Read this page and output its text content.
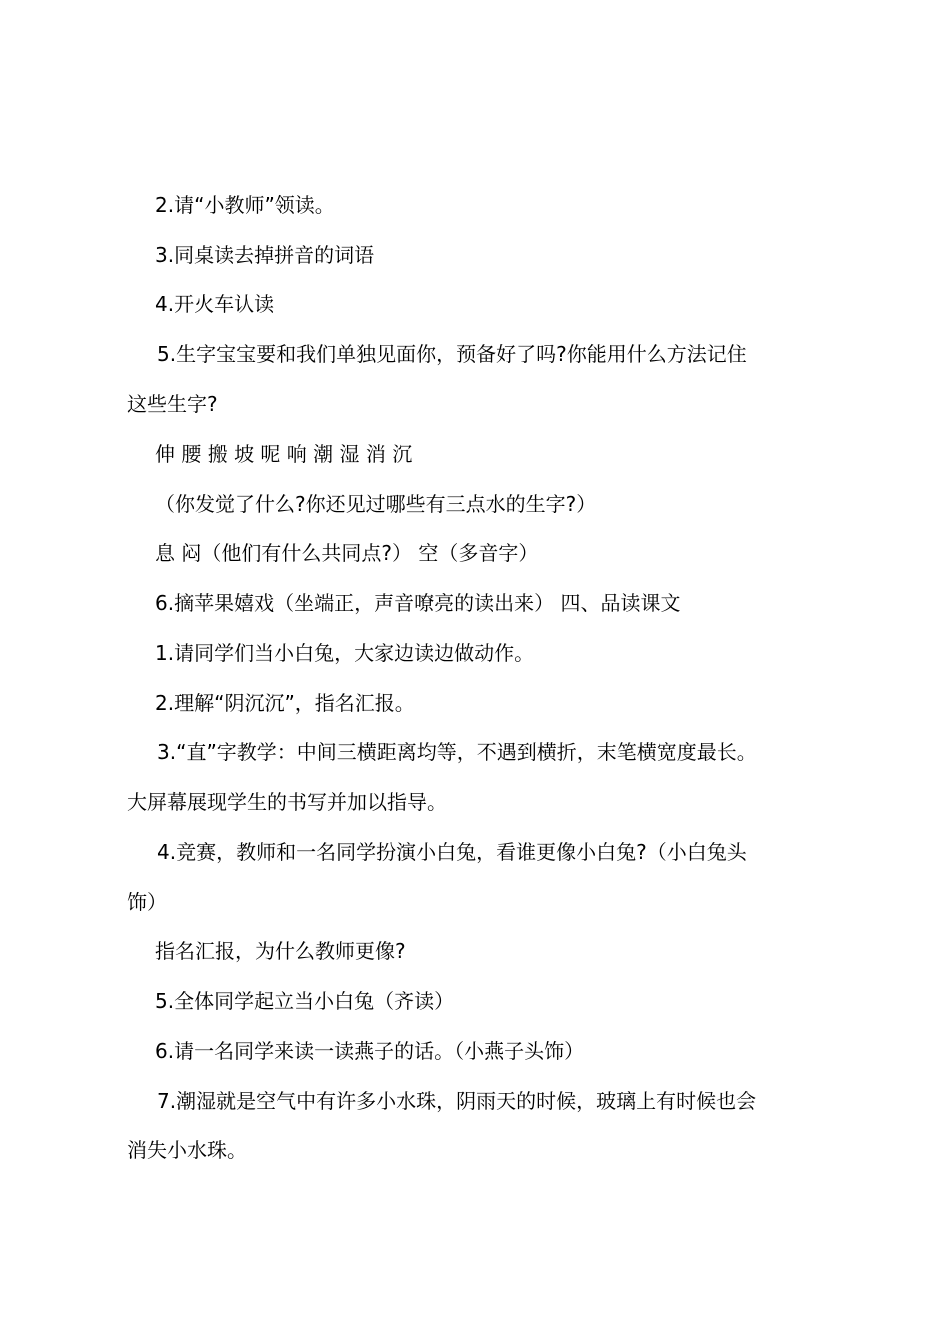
2.请“小教师”领读。
3.同桌读去掉拼音的词语
4.开火车认读
5.生字宝宝要和我们单独见面你，预备好了吗?你能用什么方法记住
这些生字?
伸 腰 搬 坡 呢 响 潮 湿 消 沉
（你发觉了什么?你还见过哪些有三点水的生字?）
息 闷（他们有什么共同点?） 空（多音字）
6.摘苹果嬉戏（坐端正，声音嘹亮的读出来） 四、品读课文
1.请同学们当小白兔，大家边读边做动作。
2.理解“阴沉沉”，指名汇报。
3.“直”字教学：中间三横距离均等，不遇到横折，末笔横宽度最长。
大屏幕展现学生的书写并加以指导。
4.竞赛，教师和一名同学扮演小白兔，看谁更像小白兔?（小白兔头
饰）
指名汇报，为什么教师更像?
5.全体同学起立当小白兔（齐读）
6.请一名同学来读一读燕子的话。（小燕子头饰）
7.潮湿就是空气中有许多小水珠，阴雨天的时候，玻璃上有时候也会
消失小水珠。
